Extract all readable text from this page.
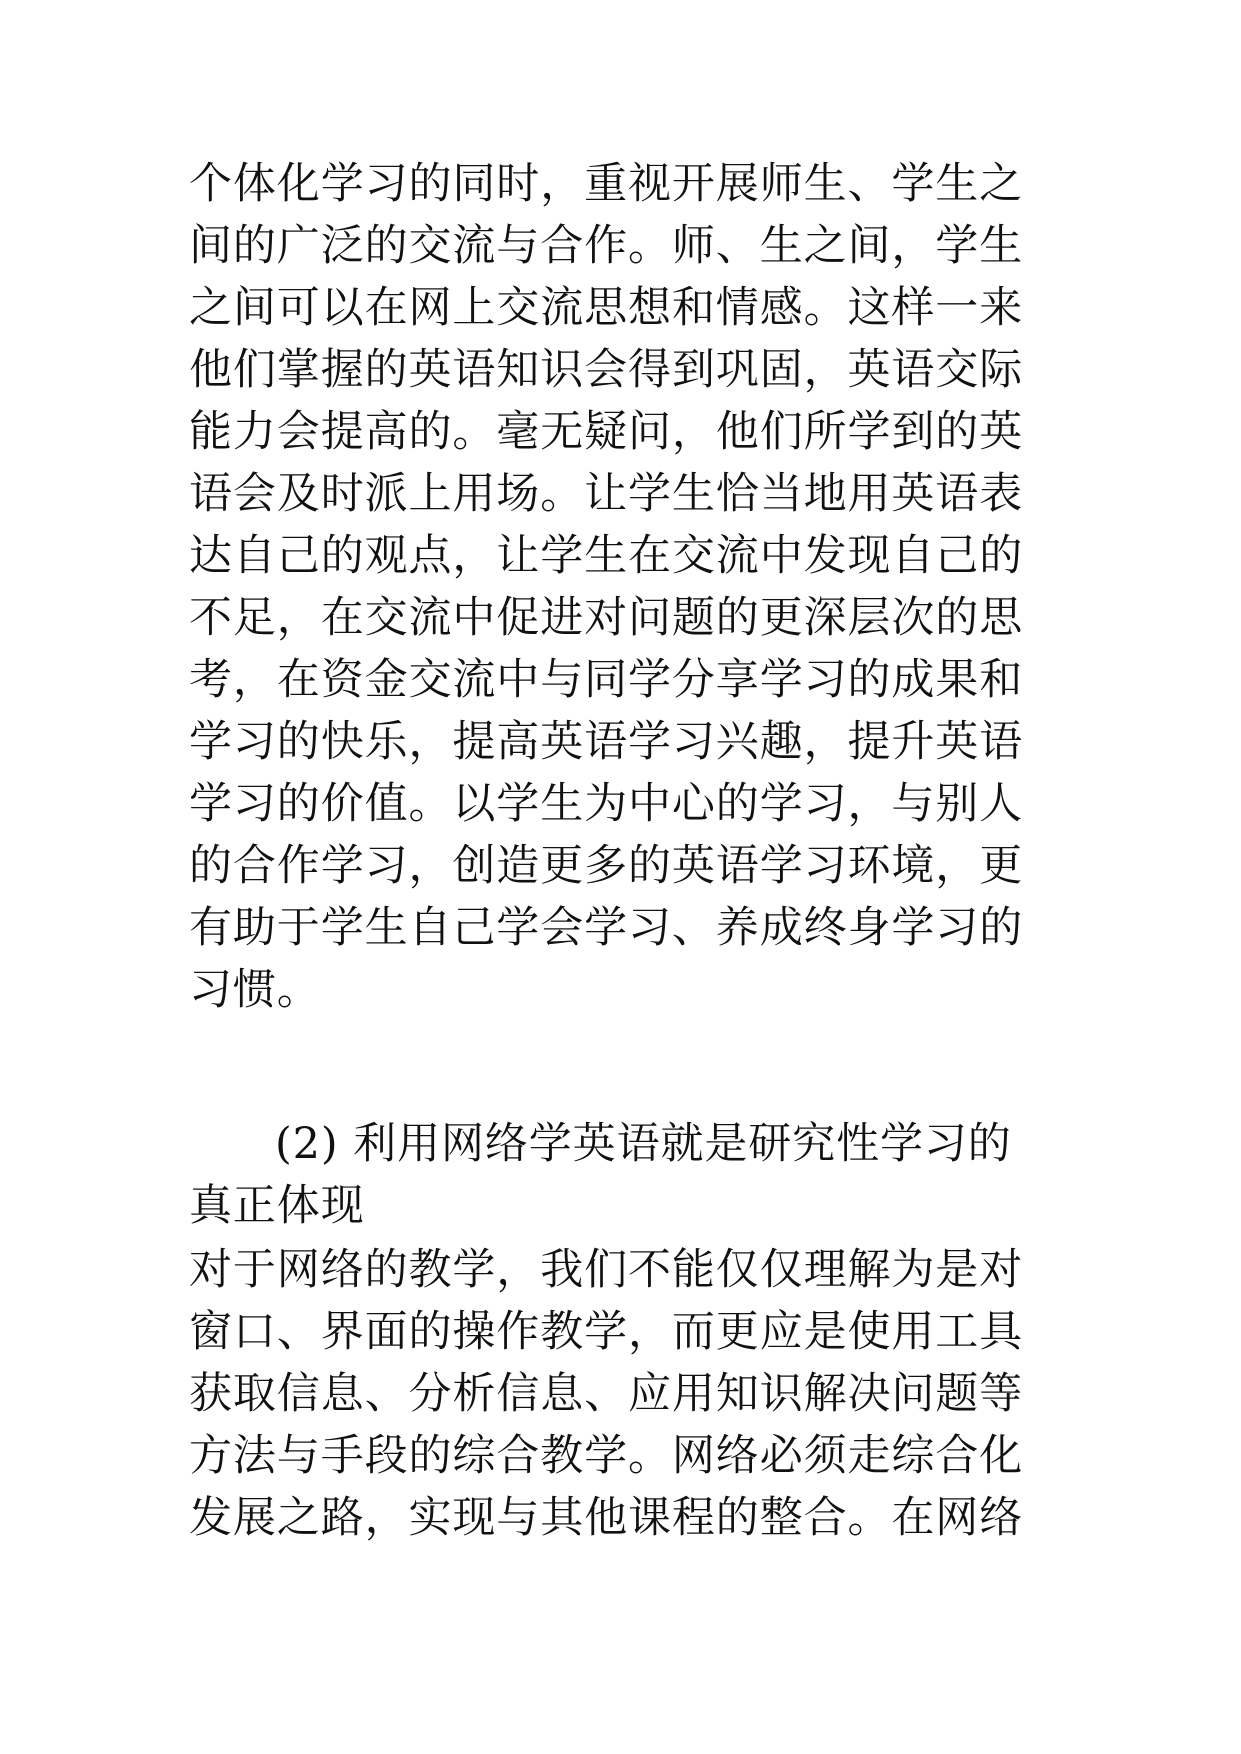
个体化学习的同时，重视开展师生、学生之
间的广泛的交流与合作。师、生之间，学生
之间可以在网上交流思想和情感。这样一来
他们掌握的英语知识会得到巩固，英语交际
能力会提高的。毫无疑问，他们所学到的英
语会及时派上用场。让学生恰当地用英语表
达自己的观点，让学生在交流中发现自己的
不足，在交流中促进对问题的更深层次的思
考，在资金交流中与同学分享学习的成果和
学习的快乐，提高英语学习兴趣，提升英语
学习的价值。以学生为中心的学习，与别人
的合作学习，创造更多的英语学习环境，更
有助于学生自己学会学习、养成终身学习的
习惯。
(2) 利用网络学英语就是研究性学习的
真正体现
对于网络的教学，我们不能仅仅理解为是对
窗口、界面的操作教学，而更应是使用工具
获取信息、分析信息、应用知识解决问题等
方法与手段的综合教学。网络必须走综合化
发展之路，实现与其他课程的整合。在网络
